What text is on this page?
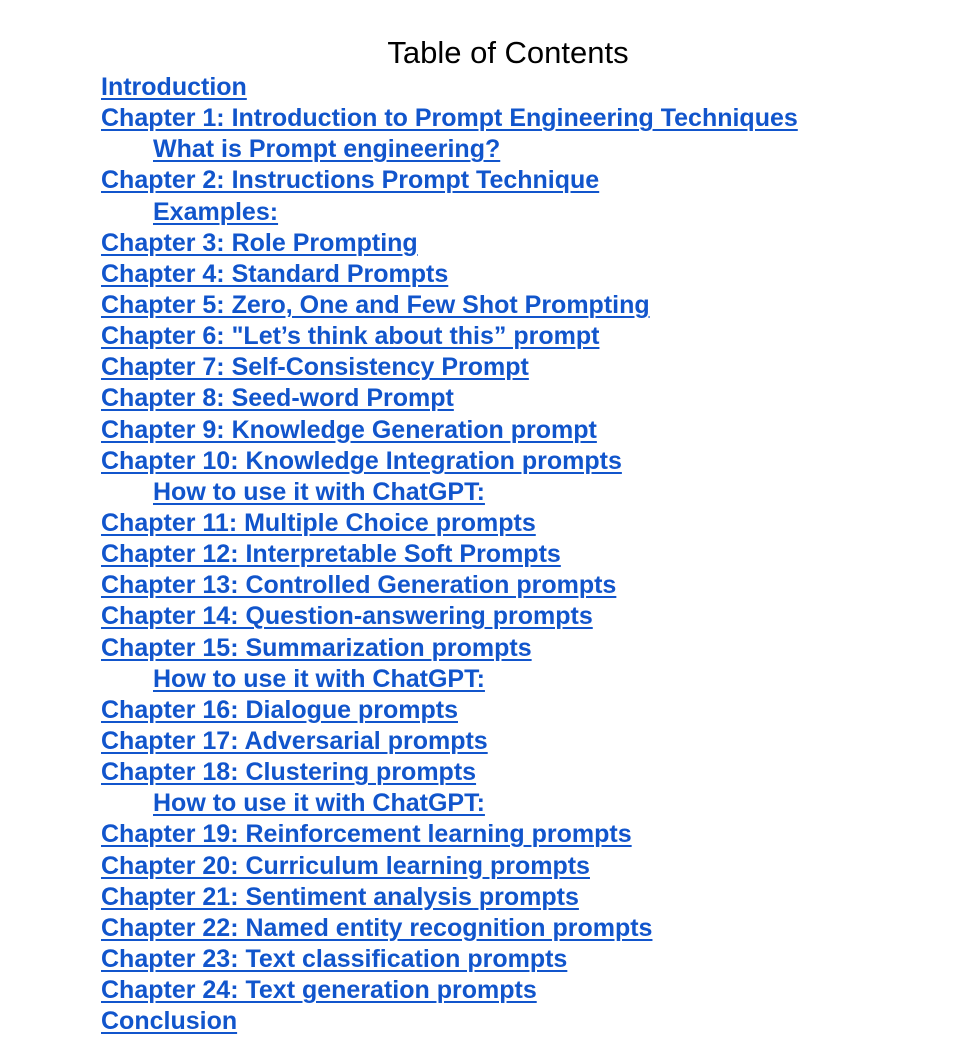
Table of Contents
Introduction
Chapter 1: Introduction to Prompt Engineering Techniques
What is Prompt engineering?
Chapter 2: Instructions Prompt Technique
Examples:
Chapter 3: Role Prompting
Chapter 4: Standard Prompts
Chapter 5: Zero, One and Few Shot Prompting
Chapter 6: "Let’s think about this” prompt
Chapter 7: Self-Consistency Prompt
Chapter 8: Seed-word Prompt
Chapter 9: Knowledge Generation prompt
Chapter 10: Knowledge Integration prompts
How to use it with ChatGPT:
Chapter 11: Multiple Choice prompts
Chapter 12: Interpretable Soft Prompts
Chapter 13: Controlled Generation prompts
Chapter 14: Question-answering prompts
Chapter 15: Summarization prompts
How to use it with ChatGPT:
Chapter 16: Dialogue prompts
Chapter 17: Adversarial prompts
Chapter 18: Clustering prompts
How to use it with ChatGPT:
Chapter 19: Reinforcement learning prompts
Chapter 20: Curriculum learning prompts
Chapter 21: Sentiment analysis prompts
Chapter 22: Named entity recognition prompts
Chapter 23: Text classification prompts
Chapter 24: Text generation prompts
Conclusion
